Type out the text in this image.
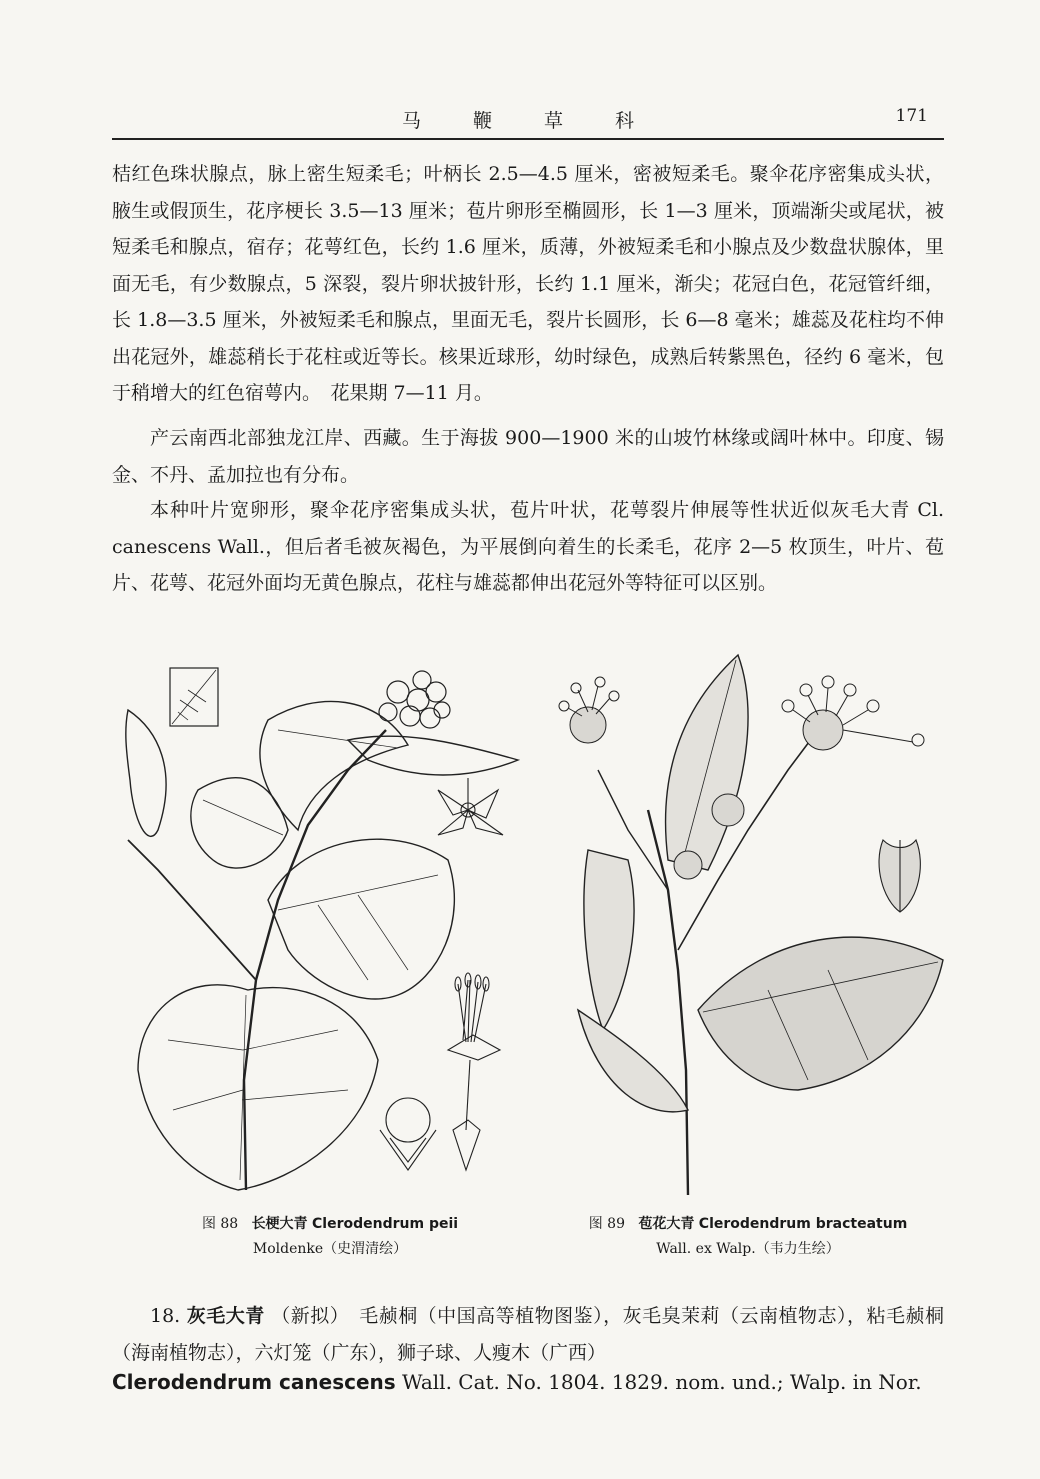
马鞭草科	171

桔红色珠状腺点，脉上密生短柔毛；叶柄长 2.5—4.5 厘米，密被短柔毛。聚伞花序密集成头状，腋生或假顶生，花序梗长 3.5—13 厘米；苞片卵形至椭圆形，长 1—3 厘米，顶端渐尖或尾状，被短柔毛和腺点，宿存；花萼红色，长约 1.6 厘米，质薄，外被短柔毛和小腺点及少数盘状腺体，里面无毛，有少数腺点，5 深裂，裂片卵状披针形，长约 1.1 厘米，渐尖；花冠白色，花冠管纤细，长 1.8—3.5 厘米，外被短柔毛和腺点，里面无毛，裂片长圆形，长 6—8 毫米；雄蕊及花柱均不伸出花冠外，雄蕊稍长于花柱或近等长。核果近球形，幼时绿色，成熟后转紫黑色，径约 6 毫米，包于稍增大的红色宿萼内。　花果期 7—11 月。

产云南西北部独龙江岸、西藏。生于海拔 900—1900 米的山坡竹林缘或阔叶林中。印度、锡金、不丹、孟加拉也有分布。

本种叶片宽卵形，聚伞花序密集成头状，苞片叶状，花萼裂片伸展等性状近似灰毛大青 Cl. canescens Wall.，但后者毛被灰褐色，为平展倒向着生的长柔毛，花序 2—5 枚顶生，叶片、苞片、花萼、花冠外面均无黄色腺点，花柱与雄蕊都伸出花冠外等特征可以区别。

图 88 长梗大青 Clerodendrum peii
Moldenke（史渭清绘）
图 89 苞花大青 Clerodendrum bracteatum
Wall. ex Walp.（韦力生绘）

18. 灰毛大青 （新拟）　毛赪桐（中国高等植物图鉴），灰毛臭茉莉（云南植物志），粘毛赪桐（海南植物志），六灯笼（广东），狮子球、人瘦木（广西）

Clerodendrum canescens Wall. Cat. No. 1804. 1829. nom. und.; Walp. in Nor.
